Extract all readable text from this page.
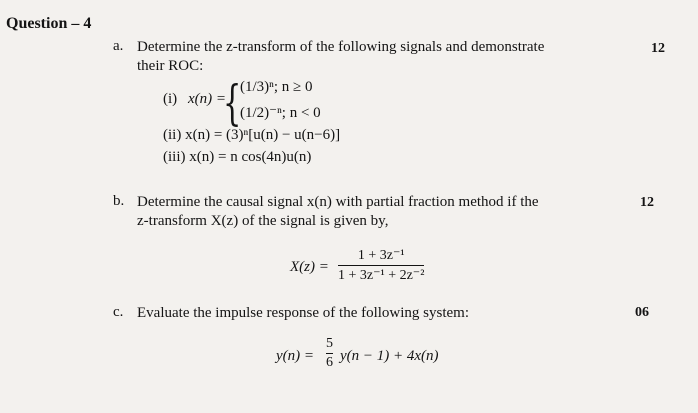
Question – 4
a. Determine the z-transform of the following signals and demonstrate
their ROC:
12
(i) x(n) =
{
(1/3)ⁿ; n ≥ 0
(1/2)⁻ⁿ; n < 0
(ii) x(n) = (3)ⁿ[u(n) − u(n−6)]
(iii) x(n) = n cos(4n)u(n)
b. Determine the causal signal x(n) with partial fraction method if the
z-transform X(z) of the signal is given by,
12
X(z) =
1 + 3z⁻¹
1 + 3z⁻¹ + 2z⁻²
c. Evaluate the impulse response of the following system:	06
y(n) =
5
6 y(n − 1) + 4x(n)
